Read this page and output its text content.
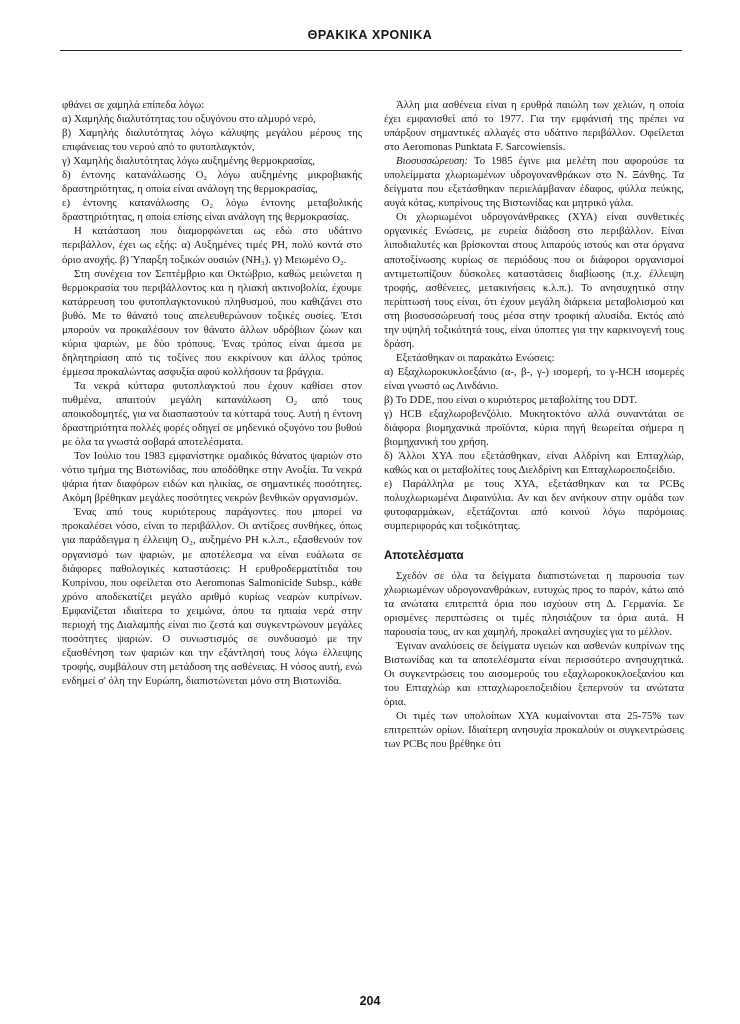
ΘΡΑΚΙΚΑ ΧΡΟΝΙΚΑ

φθάνει σε χαμηλά επίπεδα λόγω:

α) Χαμηλής διαλυτότητας του οξυγόνου στο αλμυρό νερό,

β) Χαμηλής διαλυτότητας λόγω κάλυψης μεγάλου μέρους της επιφάνειας του νερού από το φυτοπλαγκτόν,

γ) Χαμηλής διαλυτότητας λόγω αυξημένης θερμοκρασίας,

δ) έντονης κατανάλωσης O₂ λόγω αυξημένης μικροβιακής δραστηριότητας, η οποία είναι ανάλογη της θερμοκρασίας,

ε) έντονης κατανάλωσης O₂ λόγω έντονης μεταβολικής δραστηριότητας, η οποία επίσης είναι ανάλογη της θερμοκρασίας.

Η κατάσταση που διαμορφώνεται ως εδώ στο υδάτινο περιβάλλον, έχει ως εξής: α) Αυξημένες τιμές PH, πολύ κοντά στο όριο ανοχής. β) Ύπαρξη τοξικών ουσιών (NH₃). γ) Μειωμένο O₂.

Στη συνέχεια τον Σεπτέμβριο και Οκτώβριο, καθώς μειώνεται η θερμοκρασία του περιβάλλοντος και η ηλιακή ακτινοβολία, έχουμε κατάρρευση του φυτοπλαγκτονικού πληθυσμού, που καθιζάνει στο βυθό. Με το θάνατό τους απελευθερώνουν τοξικές ουσίες. Έτσι μπορούν να προκαλέσουν τον θάνατο άλλων υδρόβιων ζώων και κύρια ψαριών, με δύο τρόπους. Ένας τρόπος είναι άμεσα με δηλητηρίαση από τις τοξίνες που εκκρίνουν και άλλος τρόπος έμμεσα προκαλώντας ασφυξία αφού κολλήσουν τα βράγχια.

Τα νεκρά κύτταρα φυτοπλαγκτού που έχουν καθίσει στον πυθμένα, απαιτούν μεγάλη κατανάλωση O₂ από τους αποικοδομητές, για να διασπαστούν τα κύτταρά τους. Αυτή η έντονη δραστηριότητα πολλές φορές οδηγεί σε μηδενικό οξυγόνο του βυθού με όλα τα γνωστά σοβαρά αποτελέσματα.

Τον Ιούλιο του 1983 εμφανίστηκε ομαδικός θάνατος ψαριών στο νότιο τμήμα της Βιστωνίδας, που αποδόθηκε στην Ανοξία. Τα νεκρά ψάρια ήταν διαφόρων ειδών και ηλικίας, σε σημαντικές ποσότητες. Ακόμη βρέθηκαν μεγάλες ποσότητες νεκρών βενθικών οργανισμών.

Ένας από τους κυριότερους παράγοντες που μπορεί να προκαλέσει νόσο, είναι το περιβάλλον. Οι αντίξοες συνθήκες, όπως για παράδειγμα η έλλειψη O₂, αυξημένο PH κ.λ.π., εξασθενούν τον οργανισμό των ψαριών, με αποτέλεσμα να είναι ευάλωτα σε διάφορες παθολογικές καταστάσεις: Η ερυθροδερματίτιδα του Κυπρίνου, που οφείλεται στο Aeromonas Salmonicide Subsp., κάθε χρόνο αποδεκατίζει μεγάλο αριθμό κυρίως νεαρών κυπρίνων. Εμφανίζεται ιδιαίτερα το χειμώνα, όπου τα ηπιαία νερά στην περιοχή της Διαλαμπής είναι πιο ζεστά και συγκεντρώνουν μεγάλες ποσότητες ψαριών. Ο συνωστισμός σε συνδυασμό με την εξασθένηση των ψαριών και την εξάντλησή τους λόγω έλλειψης τροφής, συμβάλουν στη μετάδοση της ασθένειας. Η νόσος αυτή, ενώ ενδημεί σ' όλη την Ευρώπη, διαπιστώνεται μόνο στη Βιστωνίδα.

Άλλη μια ασθένεια είναι η ερυθρά παιώλη των χελιών, η οποία έχει εμφανισθεί από το 1977. Για την εμφάνισή της πρέπει να υπάρξουν σημαντικές αλλαγές στο υδάτινο περιβάλλον. Οφείλεται στο Aeromonas Punktata F. Sarcowiensis.

Βιοσυσσώρευση: Το 1985 έγινε μια μελέτη που αφορούσε τα υπολείμματα χλωριωμένων υδρογονανθράκων στο Ν. Ξάνθης. Τα δείγματα που εξετάσθηκαν περιελάμβαναν έδαφος, φύλλα πεύκης, αυγά κότας, κυπρίνους της Βιστωνίδας και μητρικό γάλα.

Οι χλωριωμένοι υδρογονάνθρακες (ΧΥΑ) είναι συνθετικές οργανικές Ενώσεις, με ευρεία διάδοση στο περιβάλλον. Είναι λιποδιαλυτές και βρίσκονται στους λιπαρούς ιστούς και στα όργανα αποτοξίνωσης κυρίως σε περιόδους που οι διάφοροι οργανισμοί αντιμετωπίζουν δύσκολες καταστάσεις διαβίωσης (π.χ. έλλειψη τροφής, ασθένειες, μετακινήσεις κ.λ.π.). Το ανησυχητικό στην περίπτωσή τους είναι, ότι έχουν μεγάλη διάρκεια μεταβολισμού και στη βιοσυσσώρευσή τους μέσα στην τροφική αλυσίδα. Εκτός από την υψηλή τοξικότητά τους, είναι ύποπτες για την καρκινογενή τους δράση.

Εξετάσθηκαν οι παρακάτω Ενώσεις:

α) Εξαχλωροκυκλοεξάνιο (α-, β-, γ-) ισομερή, το γ-HCH ισομερές είναι γνωστό ως Λινδάνιο.

β) Το DDE, που είναι ο κυριότερος μεταβολίτης του DDT.

γ) HCB εξαχλωροβενζόλιο. Μυκητοκτόνο αλλά συναντάται σε διάφορα βιομηχανικά προϊόντα, κύρια πηγή θεωρείται σήμερα η βιομηχανική του χρήση.

δ) Άλλοι ΧΥΑ που εξετάσθηκαν, είναι Αλδρίνη και Επταχλώρ, καθώς και οι μεταβολίτες τους Διελδρίνη και Επταχλωροεποξείδιο.

ε) Παράλληλα με τους ΧΥΑ, εξετάσθηκαν και τα PCBς πολυχλωριωμένα Διφαινύλια. Αν και δεν ανήκουν στην ομάδα των φυτοφαρμάκων, εξετάζονται από κοινού λόγω παρόμοιας συμπεριφοράς και τοξικότητας.

Αποτελέσματα

Σχεδόν σε όλα τα δείγματα διαπιστώνεται η παρουσία των χλωριωμένων υδρογονανθράκων, ευτυχώς προς το παρόν, κάτω από τα ανώτατα επιτρεπτά όρια που ισχύουν στη Δ. Γερμανία. Σε ορισμένες περιπτώσεις οι τιμές πλησιάζουν τα όρια αυτά. Η παρουσία τους, αν και χαμηλή, προκαλεί ανησυχίες για το μέλλον.

Έγιναν αναλύσεις σε δείγματα υγειών και ασθενών κυπρίνων της Βιστωνίδας και τα αποτελέσματα είναι περισσότερο ανησυχητικά. Οι συγκεντρώσεις του αισομερούς του εξαχλωροκυκλοεξανίου και του Επταχλώρ και επταχλωροεποξειδίου ξεπερνούν τα ανώτατα όρια.

Οι τιμές των υπολοίπων ΧΥΑ κυμαίνονται στα 25-75% των επιτρεπτών ορίων. Ιδιαίτερη ανησυχία προκαλούν οι συγκεντρώσεις των PCBς που βρέθηκε ότι

204
